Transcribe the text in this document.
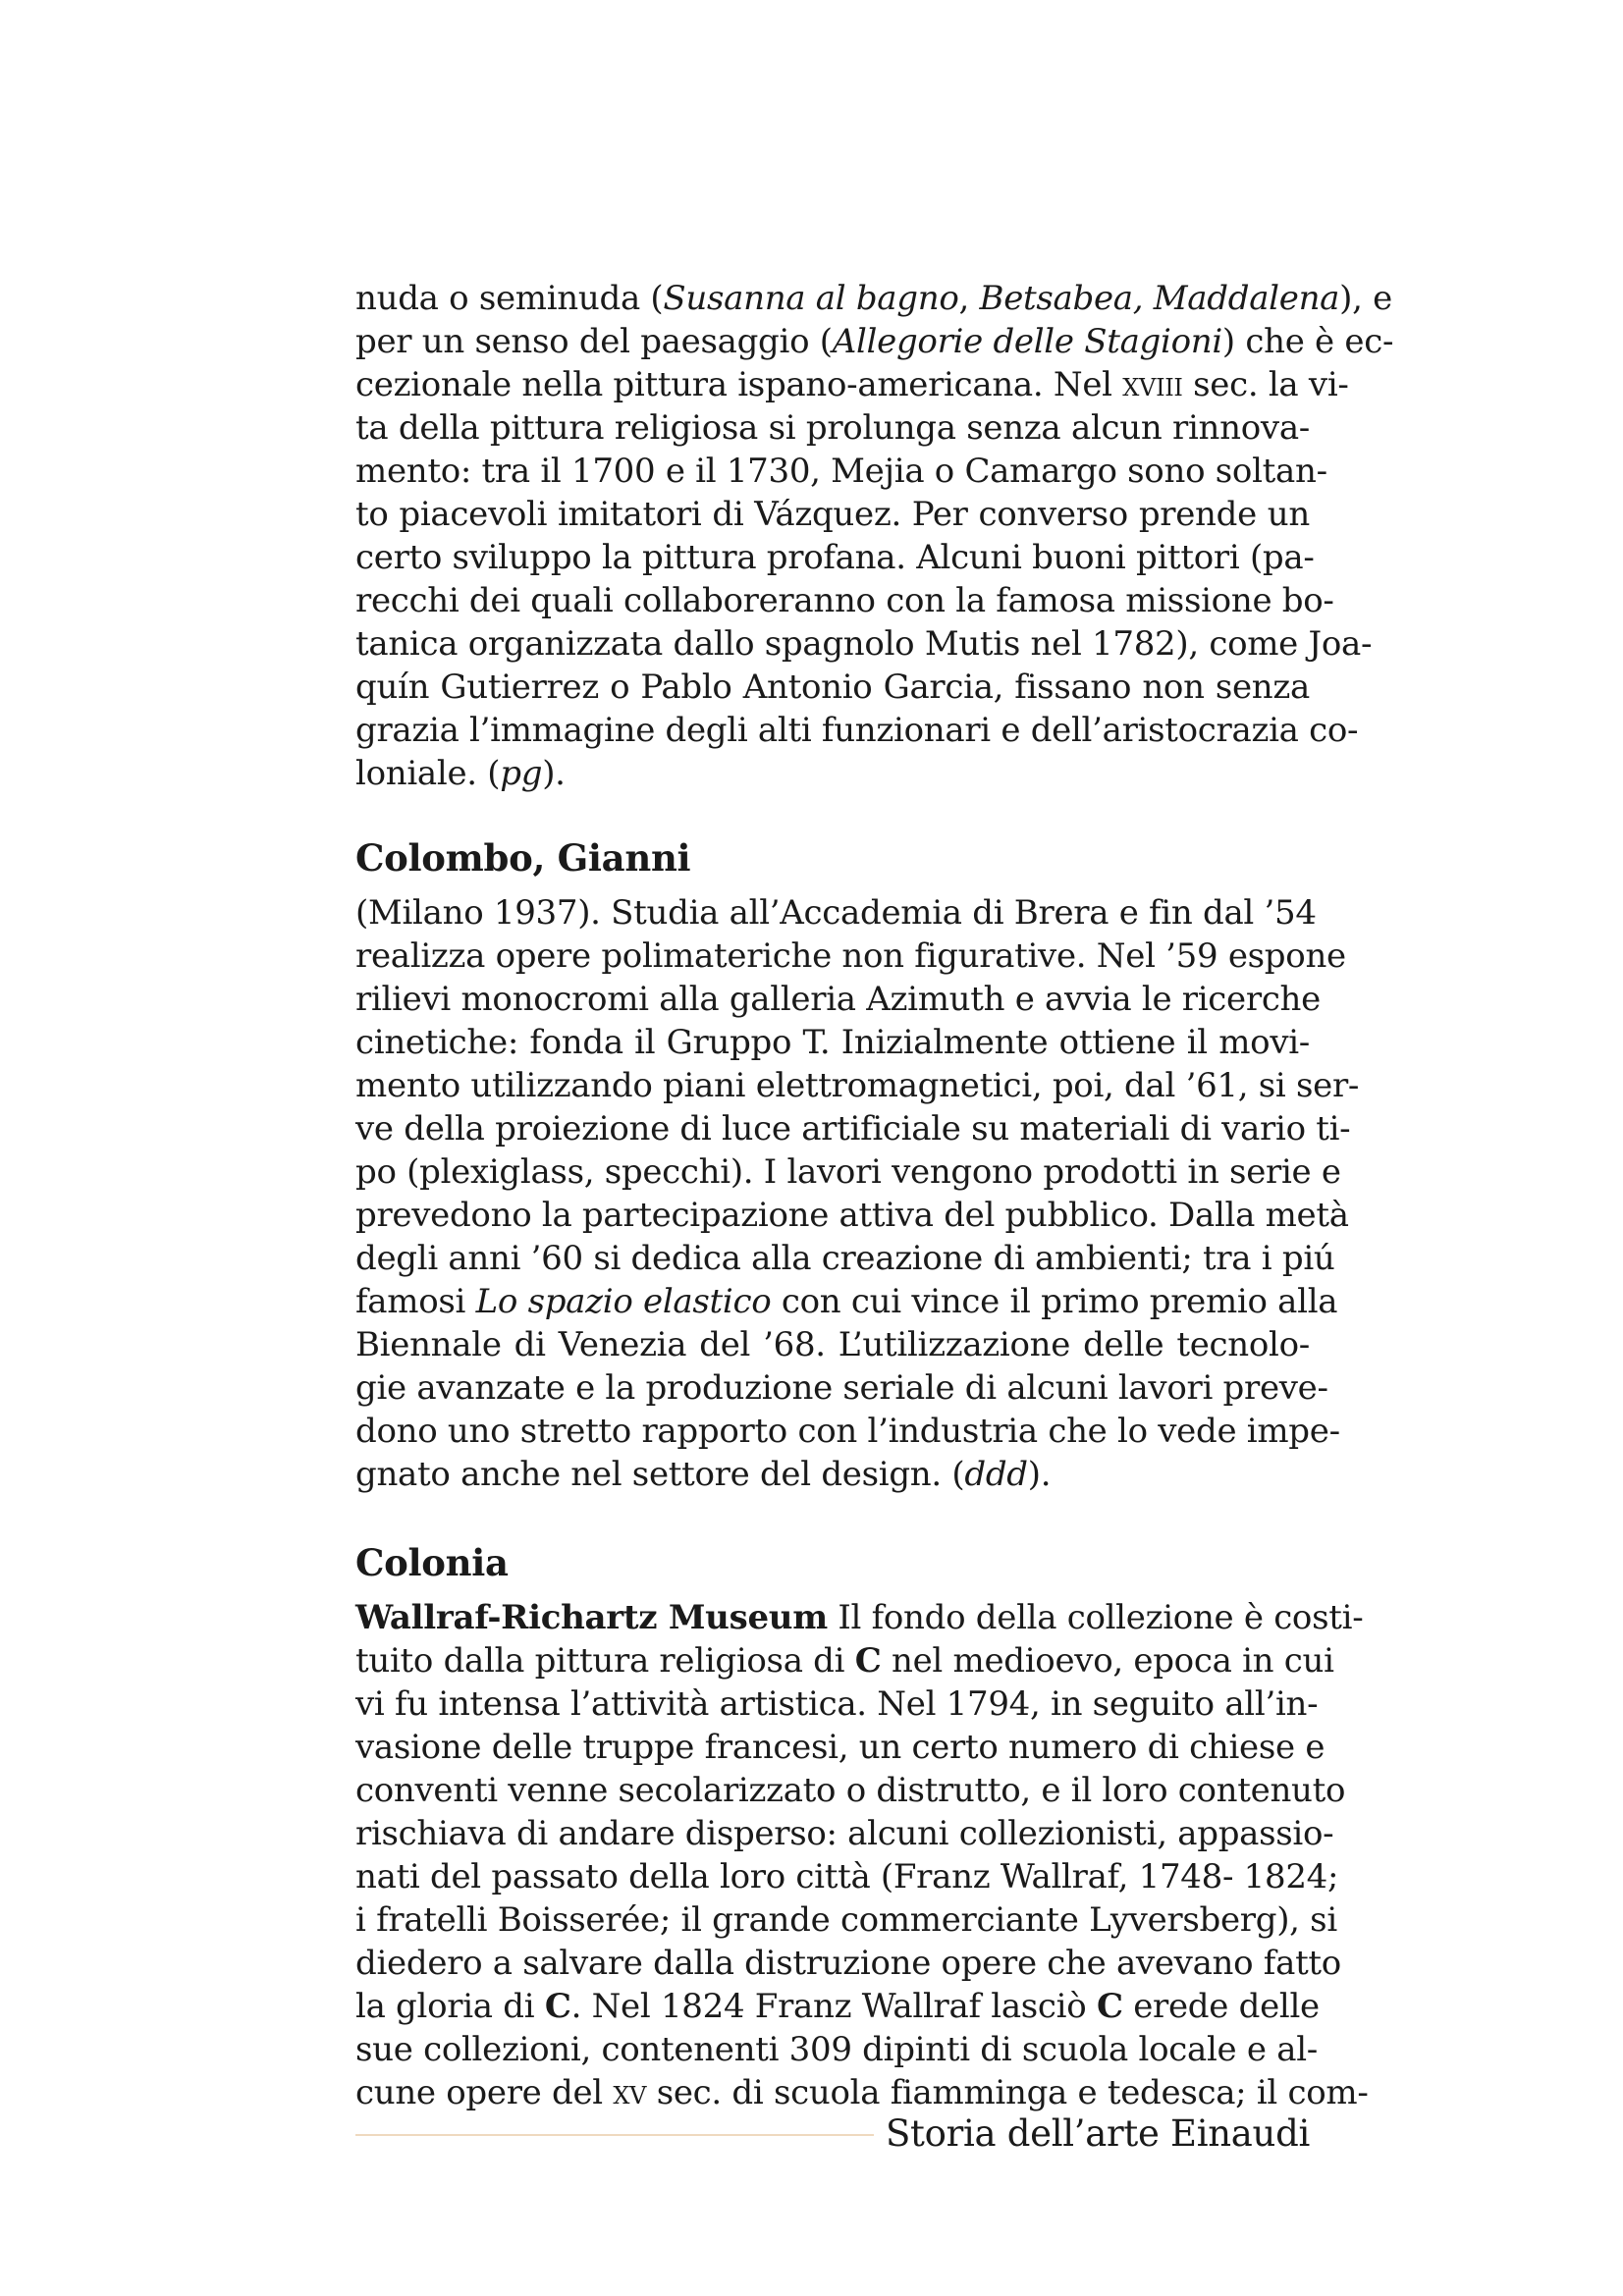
nuda o seminuda (Susanna al bagno, Betsabea, Maddalena), e
per un senso del paesaggio (Allegorie delle Stagioni) che è ec-
cezionale nella pittura ispano-americana. Nel xviii sec. la vi-
ta della pittura religiosa si prolunga senza alcun rinnova-
mento: tra il 1700 e il 1730, Mejia o Camargo sono soltan-
to piacevoli imitatori di Vázquez. Per converso prende un
certo sviluppo la pittura profana. Alcuni buoni pittori (pa-
recchi dei quali collaboreranno con la famosa missione bo-
tanica organizzata dallo spagnolo Mutis nel 1782), come Joa-
quín Gutierrez o Pablo Antonio Garcia, fissano non senza
grazia l’immagine degli alti funzionari e dell’aristocrazia co-
loniale. (pg).
Colombo, Gianni
(Milano 1937). Studia all’Accademia di Brera e fin dal ’54
realizza opere polimateriche non figurative. Nel ’59 espone
rilievi monocromi alla galleria Azimuth e avvia le ricerche
cinetiche: fonda il Gruppo T. Inizialmente ottiene il movi-
mento utilizzando piani elettromagnetici, poi, dal ’61, si ser-
ve della proiezione di luce artificiale su materiali di vario ti-
po (plexiglass, specchi). I lavori vengono prodotti in serie e
prevedono la partecipazione attiva del pubblico. Dalla metà
degli anni ’60 si dedica alla creazione di ambienti; tra i piú
famosi Lo spazio elastico con cui vince il primo premio alla
Biennale di Venezia del ’68. L’utilizzazione delle tecnolo-
gie avanzate e la produzione seriale di alcuni lavori preve-
dono uno stretto rapporto con l’industria che lo vede impe-
gnato anche nel settore del design. (ddd).
Colonia
Wallraf-Richartz Museum Il fondo della collezione è costi-
tuito dalla pittura religiosa di C nel medioevo, epoca in cui
vi fu intensa l’attività artistica. Nel 1794, in seguito all’in-
vasione delle truppe francesi, un certo numero di chiese e
conventi venne secolarizzato o distrutto, e il loro contenuto
rischiava di andare disperso: alcuni collezionisti, appassio-
nati del passato della loro città (Franz Wallraf, 1748- 1824;
i fratelli Boisserée; il grande commerciante Lyversberg), si
diedero a salvare dalla distruzione opere che avevano fatto
la gloria di C. Nel 1824 Franz Wallraf lasciò C erede delle
sue collezioni, contenenti 309 dipinti di scuola locale e al-
cune opere del xv sec. di scuola fiamminga e tedesca; il com-
Storia dell’arte Einaudi
